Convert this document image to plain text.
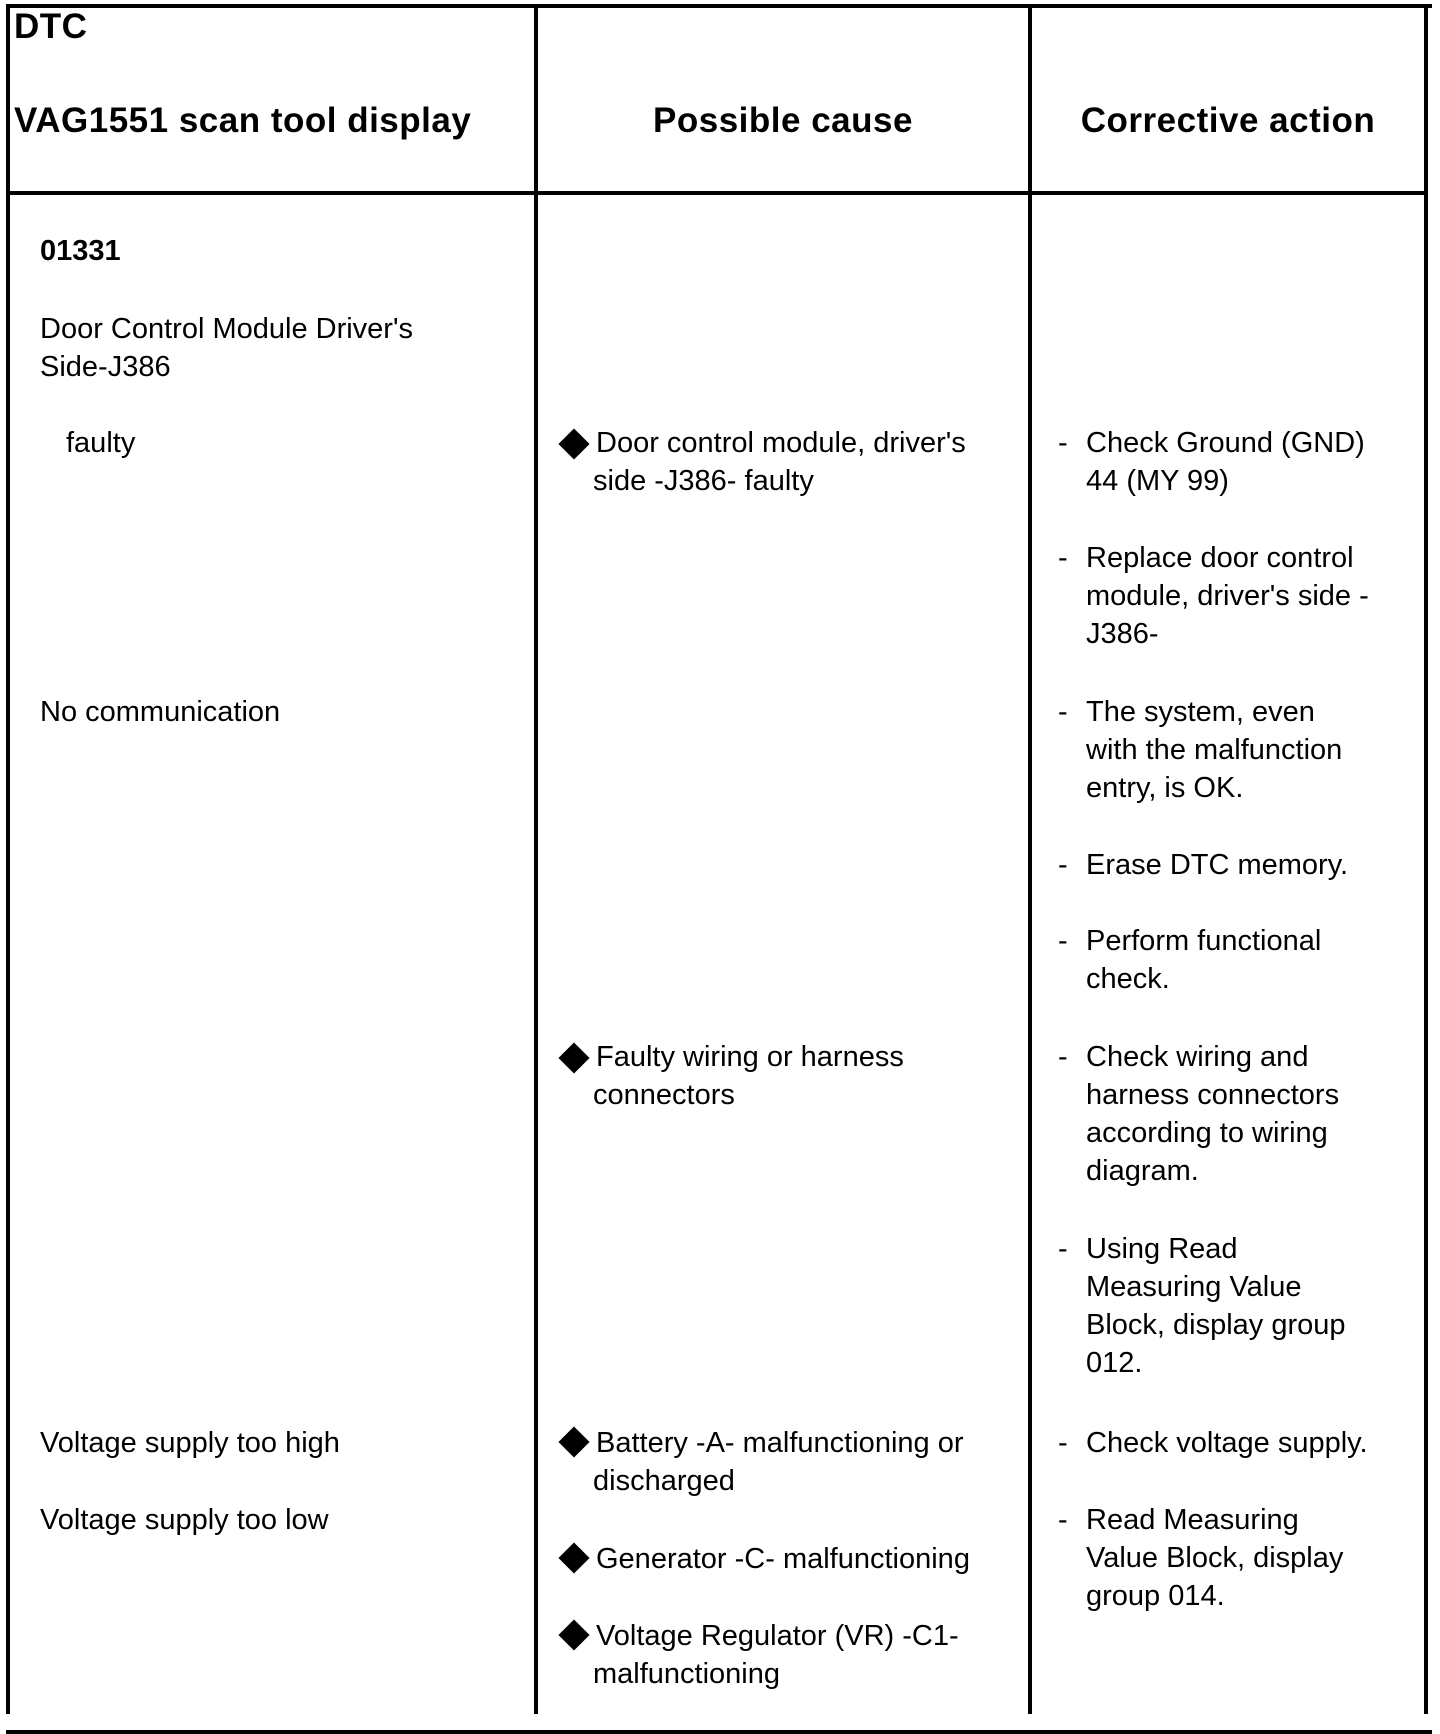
DTC
VAG1551 scan tool display	Possible cause	Corrective action
01331
Door Control Module Driver's
Side-J386
faulty
No communication
Voltage supply too high
Voltage supply too low
Door control module, driver's
side -J386- faulty
Faulty wiring or harness
connectors
Battery -A- malfunctioning or
discharged
Generator -C- malfunctioning
Voltage Regulator (VR) -C1-
malfunctioning
- Check Ground (GND)
44 (MY 99)
- Replace door control
module, driver's side -
J386-
- The system, even
with the malfunction
entry, is OK.
- Erase DTC memory.
- Perform functional
check.
- Check wiring and
harness connectors
according to wiring
diagram.
- Using Read
Measuring Value
Block, display group
012.
- Check voltage supply.
- Read Measuring
Value Block, display
group 014.
